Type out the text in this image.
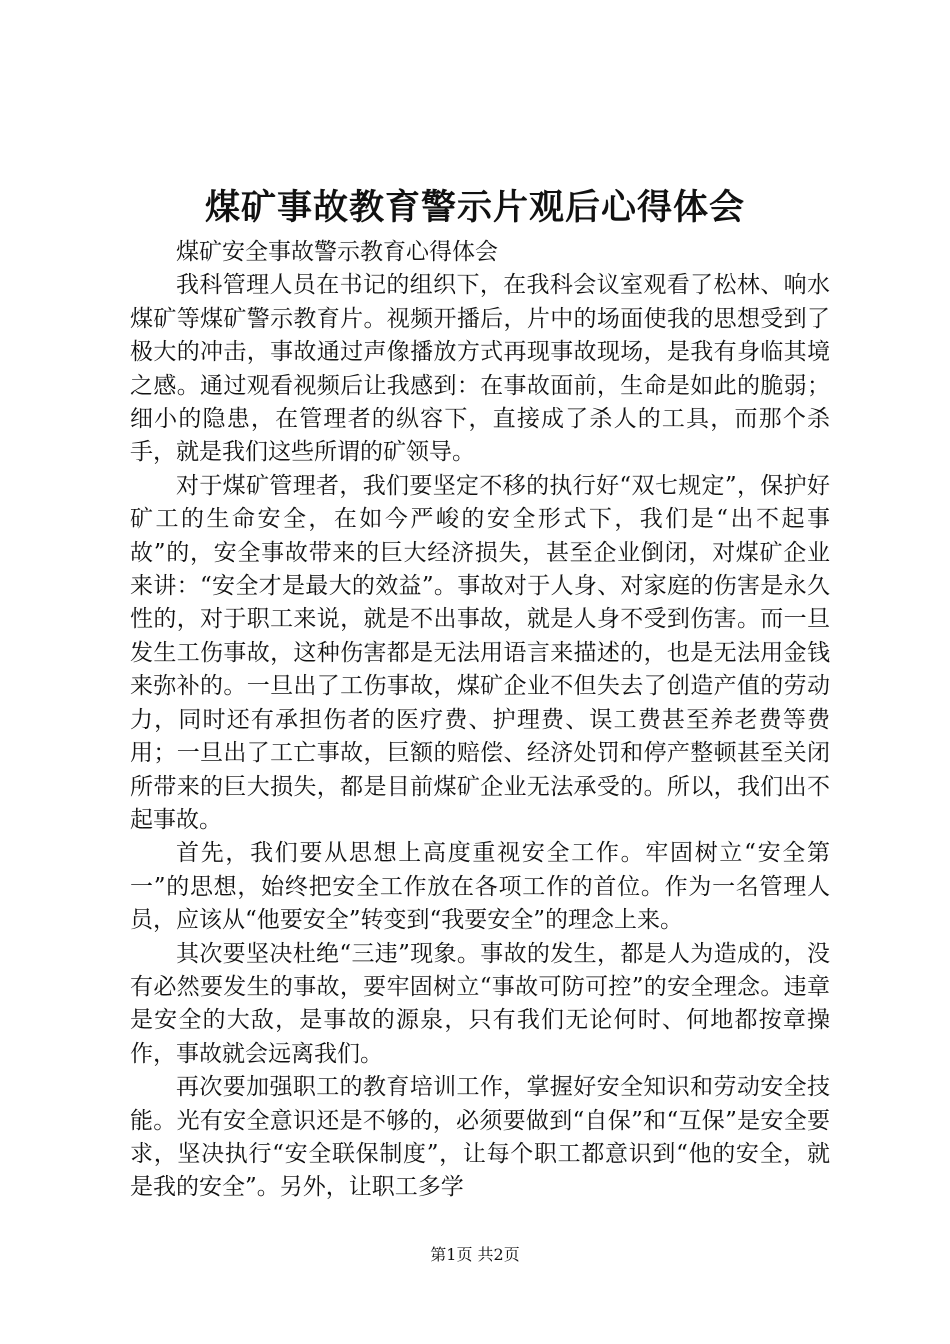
煤矿事故教育警示片观后心得体会

煤矿安全事故警示教育心得体会

我科管理人员在书记的组织下，在我科会议室观看了松林、响水煤矿等煤矿警示教育片。视频开播后，片中的场面使我的思想受到了极大的冲击，事故通过声像播放方式再现事故现场，是我有身临其境之感。通过观看视频后让我感到：在事故面前，生命是如此的脆弱；细小的隐患，在管理者的纵容下，直接成了杀人的工具，而那个杀手，就是我们这些所谓的矿领导。

对于煤矿管理者，我们要坚定不移的执行好“双七规定”，保护好矿工的生命安全，在如今严峻的安全形式下，我们是“出不起事故”的，安全事故带来的巨大经济损失，甚至企业倒闭，对煤矿企业来讲：“安全才是最大的效益”。事故对于人身、对家庭的伤害是永久性的，对于职工来说，就是不出事故，就是人身不受到伤害。而一旦发生工伤事故，这种伤害都是无法用语言来描述的，也是无法用金钱来弥补的。一旦出了工伤事故，煤矿企业不但失去了创造产值的劳动力，同时还有承担伤者的医疗费、护理费、误工费甚至养老费等费用；一旦出了工亡事故，巨额的赔偿、经济处罚和停产整顿甚至关闭所带来的巨大损失，都是目前煤矿企业无法承受的。所以，我们出不起事故。

首先，我们要从思想上高度重视安全工作。牢固树立“安全第一”的思想，始终把安全工作放在各项工作的首位。作为一名管理人员，应该从“他要安全”转变到“我要安全”的理念上来。

其次要坚决杜绝“三违”现象。事故的发生，都是人为造成的，没有必然要发生的事故，要牢固树立“事故可防可控”的安全理念。违章是安全的大敌，是事故的源泉，只有我们无论何时、何地都按章操作，事故就会远离我们。

再次要加强职工的教育培训工作，掌握好安全知识和劳动安全技能。光有安全意识还是不够的，必须要做到“自保”和“互保”是安全要求，坚决执行“安全联保制度”，让每个职工都意识到“他的安全，就是我的安全”。另外，让职工多学

第1页 共2页
